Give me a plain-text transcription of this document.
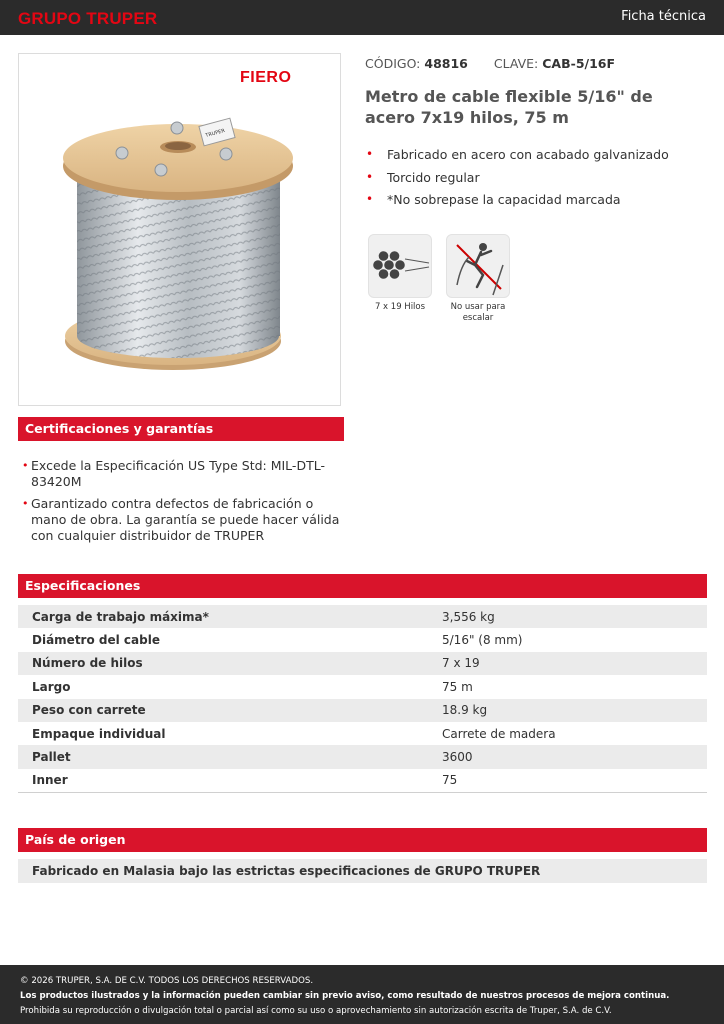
GRUPO TRUPER	Ficha técnica
FIERO
TRUPER
CÓDIGO: 48816 CLAVE: CAB-5/16F
Metro de cable flexible 5/16" de acero 7x19 hilos, 75 m
• Fabricado en acero con acabado galvanizado
• Torcido regular
• *No sobrepase la capacidad marcada
7 x 19 Hilos	No usar para
escalar
Certificaciones y garantías
• Excede la Especificación US Type Std: MIL-DTL-83420M
• Garantizado contra defectos de fabricación o mano de obra. La garantía se puede hacer válida con cualquier distribuidor de TRUPER
Especificaciones
Carga de trabajo máxima*	3,556 kg
Diámetro del cable	5/16" (8 mm)
Número de hilos	7 x 19
Largo	75 m
Peso con carrete	18.9 kg
Empaque individual	Carrete de madera
Pallet	3600
Inner	75
País de origen
Fabricado en Malasia bajo las estrictas especificaciones de GRUPO TRUPER
© 2026 TRUPER, S.A. DE C.V. TODOS LOS DERECHOS RESERVADOS.
Los productos ilustrados y la información pueden cambiar sin previo aviso, como resultado de nuestros procesos de mejora continua.
Prohibida su reproducción o divulgación total o parcial así como su uso o aprovechamiento sin autorización escrita de Truper, S.A. de C.V.
